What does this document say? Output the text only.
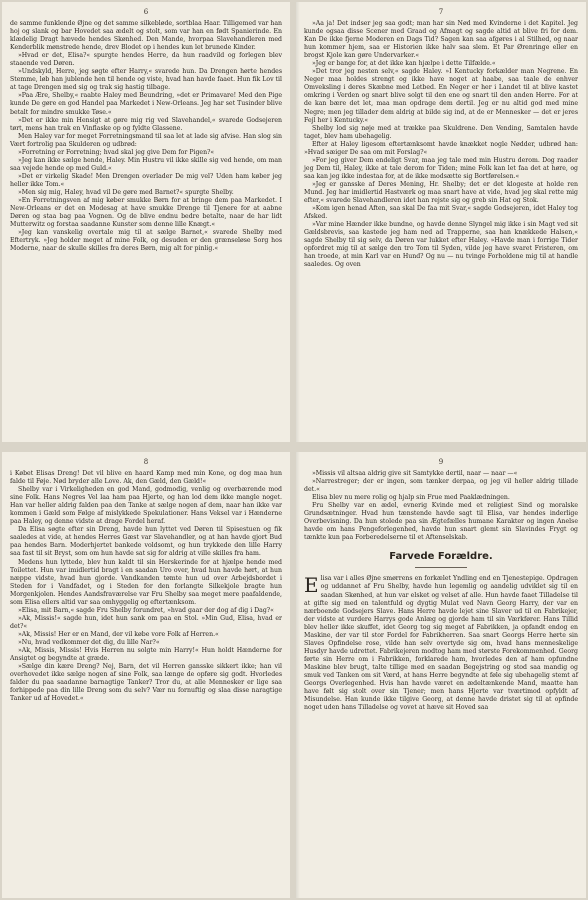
6

de samme funklende Øjne og det samme silkebløde, sortblaa Haar. Tilligemed var han hoj og slank og bar Hovedet saa ædelt og stolt, som var han en født Spanierinde. En klædelig Dragt hævede hendes Skønhed. Den Mande, hvorpaa Slavehandleren med Kenderblik mønstrede hende, drev Blodet op i hendes kun let brunede Kinder.

»Hvad er det, Elisa?« spurgte hendes Herre, da hun raadvild og forlegen blev staaende ved Døren.

»Undskyld, Herre, jeg søgte efter Harry,« svarede hun. Da Drengen hørte hendes Stemme, løb han jublende hen til hende og viste, hvad han havde faaet. Hun fik Lov til at tage Drengen med sig og trak sig hastig tilbage.

»Paa Ære, Shelby,« raabte Haley med Beundring, »det er Primavare! Med den Pige kunde De gøre en god Handel paa Markedet i New-Orleans. Jeg har set Tusinder blive betalt for mindre smukke Tøse.«

»Det er ikke min Hensigt at gøre mig rig ved Slavehandel,« svarede Godsejeren tørt, mens han trak en Vinflaske op og fyldte Glassene.

Men Haley var for meget Forretningsmand til saa let at lade sig afvise. Han slog sin Vært fortrolig paa Skulderen og udbrød:

»Forretning er Forretning; hvad skal jeg give Dem for Pigen?«

»Jeg kan ikke sælge hende, Haley. Min Hustru vil ikke skille sig ved hende, om man saa vejede hende op med Guld.«

»Det er virkelig Skade! Men Drengen overlader De mig vel? Uden ham køber jeg heller ikke Tom.«

»Men sig mig, Haley, hvad vil De gøre med Barnet?« spurgte Shelby.

»En Forretningsven af mig køber smukke Børn for at bringe dem paa Markedet. I New-Orleans er det en Modesag at have smukke Drenge til Tjenere for at aabne Døren og staa bag paa Vognen. Og de blive endnu bedre betalte, naar de har lidt Mutterwitz og forstaa saadanne Kunster som denne lille Knægt.«

»Jeg kan vanskelig overtale mig til at sælge Barnet,« svarede Shelby med Eftertryk. »Jeg holder meget af mine Folk, og desuden er den grænseløse Sorg hos Moderne, naar de skulle skilles fra deres Børn, mig alt for pinlig.«

7

»Aa ja! Det indser jeg saa godt; man har sin Nød med Kvinderne i det Kapitel. Jeg kunde ogsaa disse Scener med Graad og Afmagt og sagde altid at blive fri for dem. Kan De ikke fjerne Moderen en Dags Tid? Sagen kan saa afgøres i al Stilhed, og naar hun kommer hjem, saa er Historien ikke halv saa slem. Et Par Ørenringe eller en brogst Kjole kan gøre Undervarker.«

»Jeg er bange for, at det ikke kan hjælpe i dette Tilfælde.«

»Det tror jeg nesten selv,« sagde Haley. »I Kentucky forkælder man Negrene. En Neger maa holdes strengt og ikke have noget at haabe, saa taale de enhver Omveksling i deres Skæbne med Letbed. En Neger er her i Landet til at blive kastet omkring i Verden og snart blive solgt til den ene og snart til den anden Herre. For at de kan bære det let, maa man opdrage dem dertil. Jeg er nu altid god med mine Negre; men jeg tillader dem aldrig at bilde sig ind, at de er Mennesker — det er jeres Fejl her i Kentucky.«

Shelby lod sig nøje med at trække paa Skuldrene. Den Vending, Samtalen havde taget, blev ham ubehagelig.

Efter at Haley ligesom eftertænksomt havde knækket nogle Nødder, udbrød han: »Hvad sæiger De saa om mit Forslag?«

»For jeg giver Dem endeligt Svar, maa jeg tale med min Hustru derom. Dog raader jeg Dem til, Haley, ikke at tale derom for Tiden; mine Folk kan let faa det at høre, og saa kan jeg ikke indestaa for, at de ikke modsætte sig Bortførelsen.«

»Jeg er gansske af Deres Mening, Hr. Shelby; det er det klogeste at holde ren Mund. Jeg har imidlertid Hastværk og maa snart have at vide, hvad jeg skal rette mig efter,« svarede Slavehandleren idet han rejste sig og greb sin Hat og Stok.

»Kom igen henad Aften, saa skal De faa mit Svar,« sagde Godsejeren, idet Haley tog Afsked.

»Var mine Hænder ikke bundne, og havde denne Slyngel mig ikke i sin Magt ved sit Gældsbrevis, saa kastede jeg ham ned ad Trapperne, saa han knækkede Halsen,« sagde Shelby til sig selv, da Døren var lukket efter Haley. »Havde man i forrige Tider opfordret mig til at sælge den tro Tom til Syden, vilde jeg have svaret Fristeren, om han troede, at min Karl var en Hund? Og nu — nu tvinge Forholdene mig til at handle saaledes. Og oven

8

i Købet Elisas Dreng! Det vil blive en haard Kamp med min Kone, og dog maa hun falde til Føje. Nød bryder alle Love. Ak, den Gæld, den Gæld!«

Shelby var i Virkeligheden en god Mand, godmodig, venlig og overbærende mod sine Folk. Hans Negres Vel laa ham paa Hjerte, og han lod dem ikke mangle noget. Han var heller aldrig falden paa den Tanke at sælge nogen af dem, naar han ikke var kommen i Gæld som Følge af mislykkede Spekulationer. Hans Veksel var i Hænderne paa Haley, og denne vidste at drage Fordel heraf.

Da Elisa søgte efter sin Dreng, havde hun lyttet ved Døren til Spisestuen og fik saaledes at vide, at hendes Herres Gæst var Slavehandler, og at han havde gjort Bud paa hendes Barn. Moderhjertet bankede voldsomt, og hun trykkede den lille Harry saa fast til sit Bryst, som om hun havde sat sig for aldrig at ville skilles fra ham.

Medens hun lyttede, blev hun kaldt til sin Herskerinde for at hjælpe hende med Toilettet. Hun var imidlertid bragt i en saadan Uro over, hvad hun havde hørt, at hun næppe vidste, hvad hun gjorde. Vandkanden tømte hun ud over Arbejdsbordet i Steden for i Vandfadet, og i Steden for den forlangte Silkekjole bragte hun Morgenkjolen. Hendes Aandsfraværelse var Fru Shelby saa meget mere paafaldende, som Elisa ellers altid var saa omhyggelig og eftertænksom.

»Elisa, mit Barn,« sagde Fru Shelby forundret, »hvad gaar der dog af dig i Dag?«

»Ak, Missis!« sagde hun, idet hun sank om paa en Stol. »Min Gud, Elisa, hvad er det?«

»Ak, Missis! Her er en Mand, der vil købe vore Folk af Herren.«

»Nu, hvad vedkommer det dig, du lille Nar?«

»Ak, Missis, Missis! Hvis Herren nu solgte min Harry!« Hun holdt Hænderne for Ansigtet og begyndte at græde.

»Sælge din kære Dreng? Nej, Barn, det vil Herren gansske sikkert ikke; han vil overhovedet ikke sælge nogen af sine Folk, saa længe de opføre sig godt. Hvorledes falder du paa saadanne barnagtige Tanker? Tror du, at alle Mennesker er lige saa forhippede paa din lille Dreng som du selv? Vær nu fornuftig og slaa disse naragtige Tanker ud af Hovedet.«

9

»Missis vil altsaa aldrig give sit Samtykke dertil, naar — naar —«

»Narrestreger; der er ingen, som tænker derpaa, og jeg vil heller aldrig tillade det.«

Elisa blev nu mere rolig og hjalp sin Frue med Paaklædningen.

Fru Shelby var en ædel, evnerig Kvinde med et religiøst Sind og moralske Grundsætninger. Hvad hun tænstende havde sagt til Elisa, var hendes inderlige Overbevisning. Da hun stolede paa sin Ægtefælles humane Karakter og ingen Anelse havde om hans Pengeforlegenhed, havde hun snart glemt sin Slavindes Frygt og tænkte kun paa Forberedelserne til et Aftenselskab.

Farvede Forældre.

Elisa var i alles Øjne smørrens en forkælet Yndling end en Tjenestepige. Opdragen og uddannet af Fru Shelby, havde hun legemlig og aandelig udviklet sig til en saadan Skønhed, at hun var elsket og velset af alle. Hun havde faaet Tilladelse til at gifte sig med en talentfuld og dygtig Mulat ved Navn Georg Harry, der var en nærboende Godsejers Slave. Hans Herre havde lejet sine Slaver ud til en Fabrikejer, der vidste at vurdere Harrys gode Anlæg og gjorde ham til sin Værkfører. Hans Tillid blev heller ikke skuffet, idet Georg tog sig meget af Fabrikken, ja opfandt endog en Maskine, der var til stor Fordel for Fabrikherren. Saa snart Georgs Herre hørte sin Slaves Opfindelse rose, vilde han selv overtyde sig om, hvad hans menneskelige Husdyr havde udrettet. Fabrikejeren modtog ham med største Forekommenhed. Georg førte sin Herre om i Fabrikken, forklarede ham, hvorledes den af ham opfundne Maskine blev brugt, talte tillige med en saadan Begejstring og stod saa mandig og smuk ved Tanken om sit Værd, at hans Herre begyndte at føle sig ubehagelig stemt af Georgs Overlegenhed. Hvis han havde været en ædeltænkende Mand, maatte han have følt sig stolt over sin Tjener; men hans Hjerte var tværtimod opfyldt af Misundelse. Han kunde ikke tilgive Georg, at denne havde dristet sig til at opfinde noget uden hans Tilladelse og vovet at hæve sit Hoved saa
